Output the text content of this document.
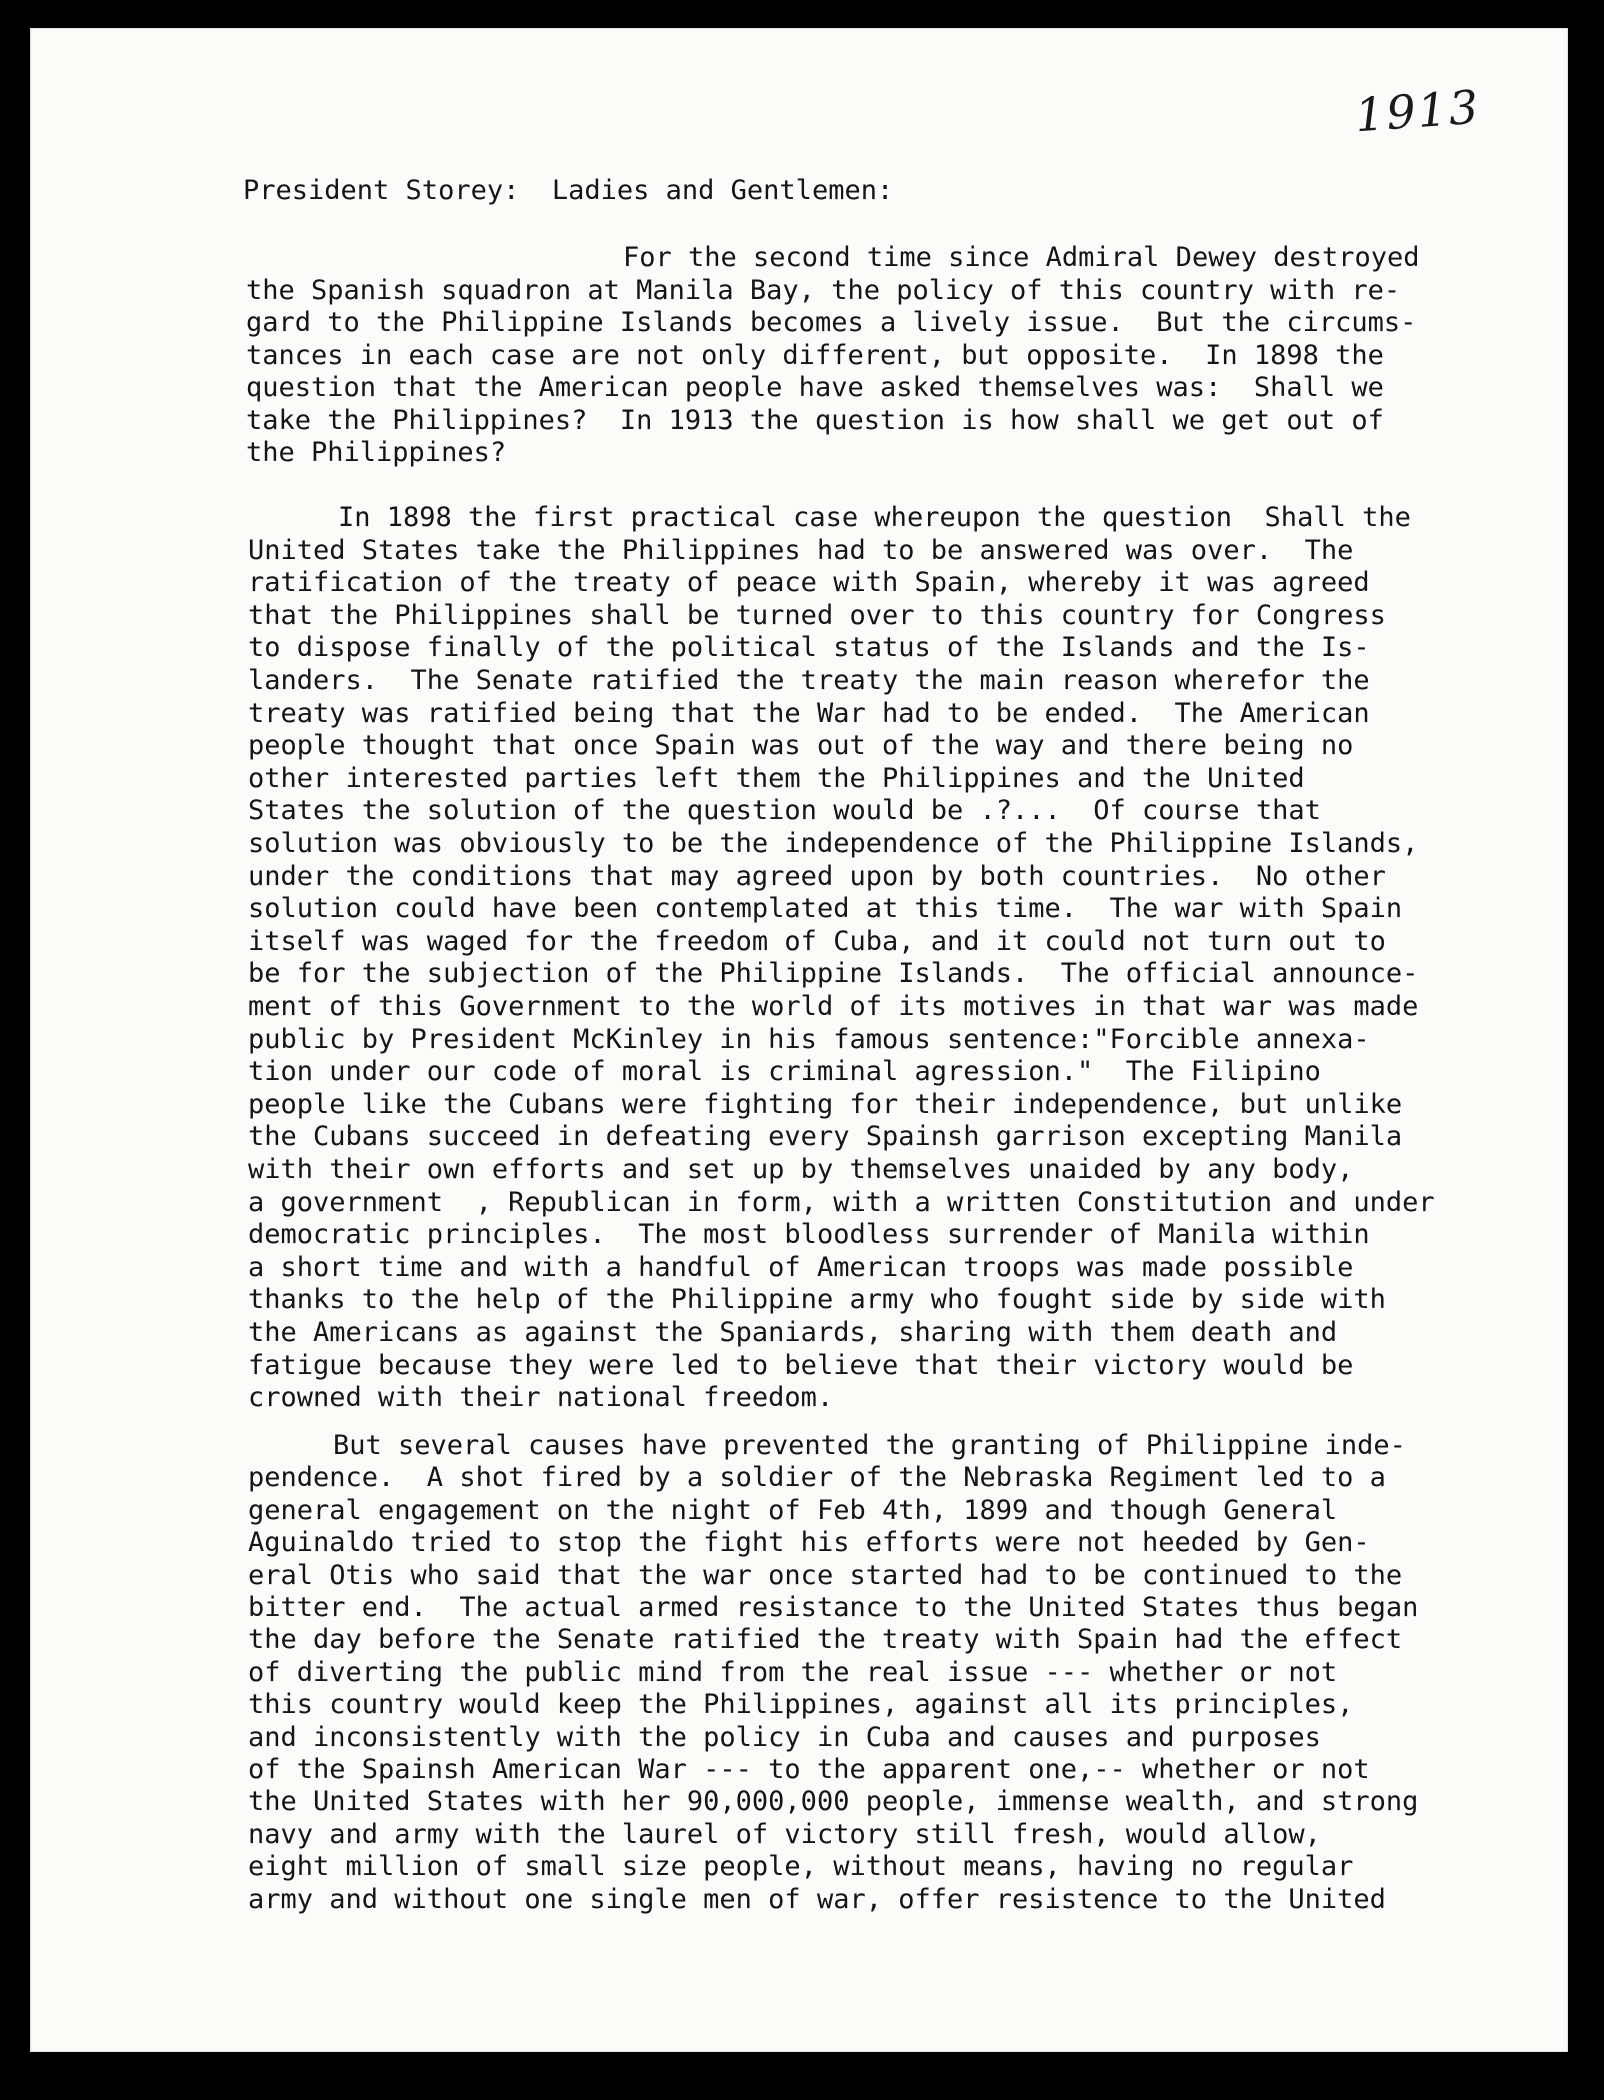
1913

President Storey:  Ladies and Gentlemen:

For the second time since Admiral Dewey destroyed
the Spanish squadron at Manila Bay, the policy of this country with re-
gard to the Philippine Islands becomes a lively issue.  But the circums-
tances in each case are not only different, but opposite.  In 1898 the
question that the American people have asked themselves was:  Shall we
take the Philippines?  In 1913 the question is how shall we get out of
the Philippines?
In 1898 the first practical case whereupon the question  Shall the
United States take the Philippines had to be answered was over.  The
ratification of the treaty of peace with Spain, whereby it was agreed
that the Philippines shall be turned over to this country for Congress
to dispose finally of the political status of the Islands and the Is-
landers.  The Senate ratified the treaty the main reason wherefor the
treaty was ratified being that the War had to be ended.  The American
people thought that once Spain was out of the way and there being no
other interested parties left them the Philippines and the United
States the solution of the question would be .?...  Of course that
solution was obviously to be the independence of the Philippine Islands,
under the conditions that may agreed upon by both countries.  No other
solution could have been contemplated at this time.  The war with Spain
itself was waged for the freedom of Cuba, and it could not turn out to
be for the subjection of the Philippine Islands.  The official announce-
ment of this Government to the world of its motives in that war was made
public by President McKinley in his famous sentence:"Forcible annexa-
tion under our code of moral is criminal agression."  The Filipino
people like the Cubans were fighting for their independence, but unlike
the Cubans succeed in defeating every Spainsh garrison excepting Manila
with their own efforts and set up by themselves unaided by any body,
a government  , Republican in form, with a written Constitution and under
democratic principles.  The most bloodless surrender of Manila within
a short time and with a handful of American troops was made possible
thanks to the help of the Philippine army who fought side by side with
the Americans as against the Spaniards, sharing with them death and
fatigue because they were led to believe that their victory would be
crowned with their national freedom.
But several causes have prevented the granting of Philippine inde-
pendence.  A shot fired by a soldier of the Nebraska Regiment led to a
general engagement on the night of Feb 4th, 1899 and though General
Aguinaldo tried to stop the fight his efforts were not heeded by Gen-
eral Otis who said that the war once started had to be continued to the
bitter end.  The actual armed resistance to the United States thus began
the day before the Senate ratified the treaty with Spain had the effect
of diverting the public mind from the real issue --- whether or not
this country would keep the Philippines, against all its principles,
and inconsistently with the policy in Cuba and causes and purposes
of the Spainsh American War --- to the apparent one,-- whether or not
the United States with her 90,000,000 people, immense wealth, and strong
navy and army with the laurel of victory still fresh, would allow,
eight million of small size people, without means, having no regular
army and without one single men of war, offer resistence to the United
